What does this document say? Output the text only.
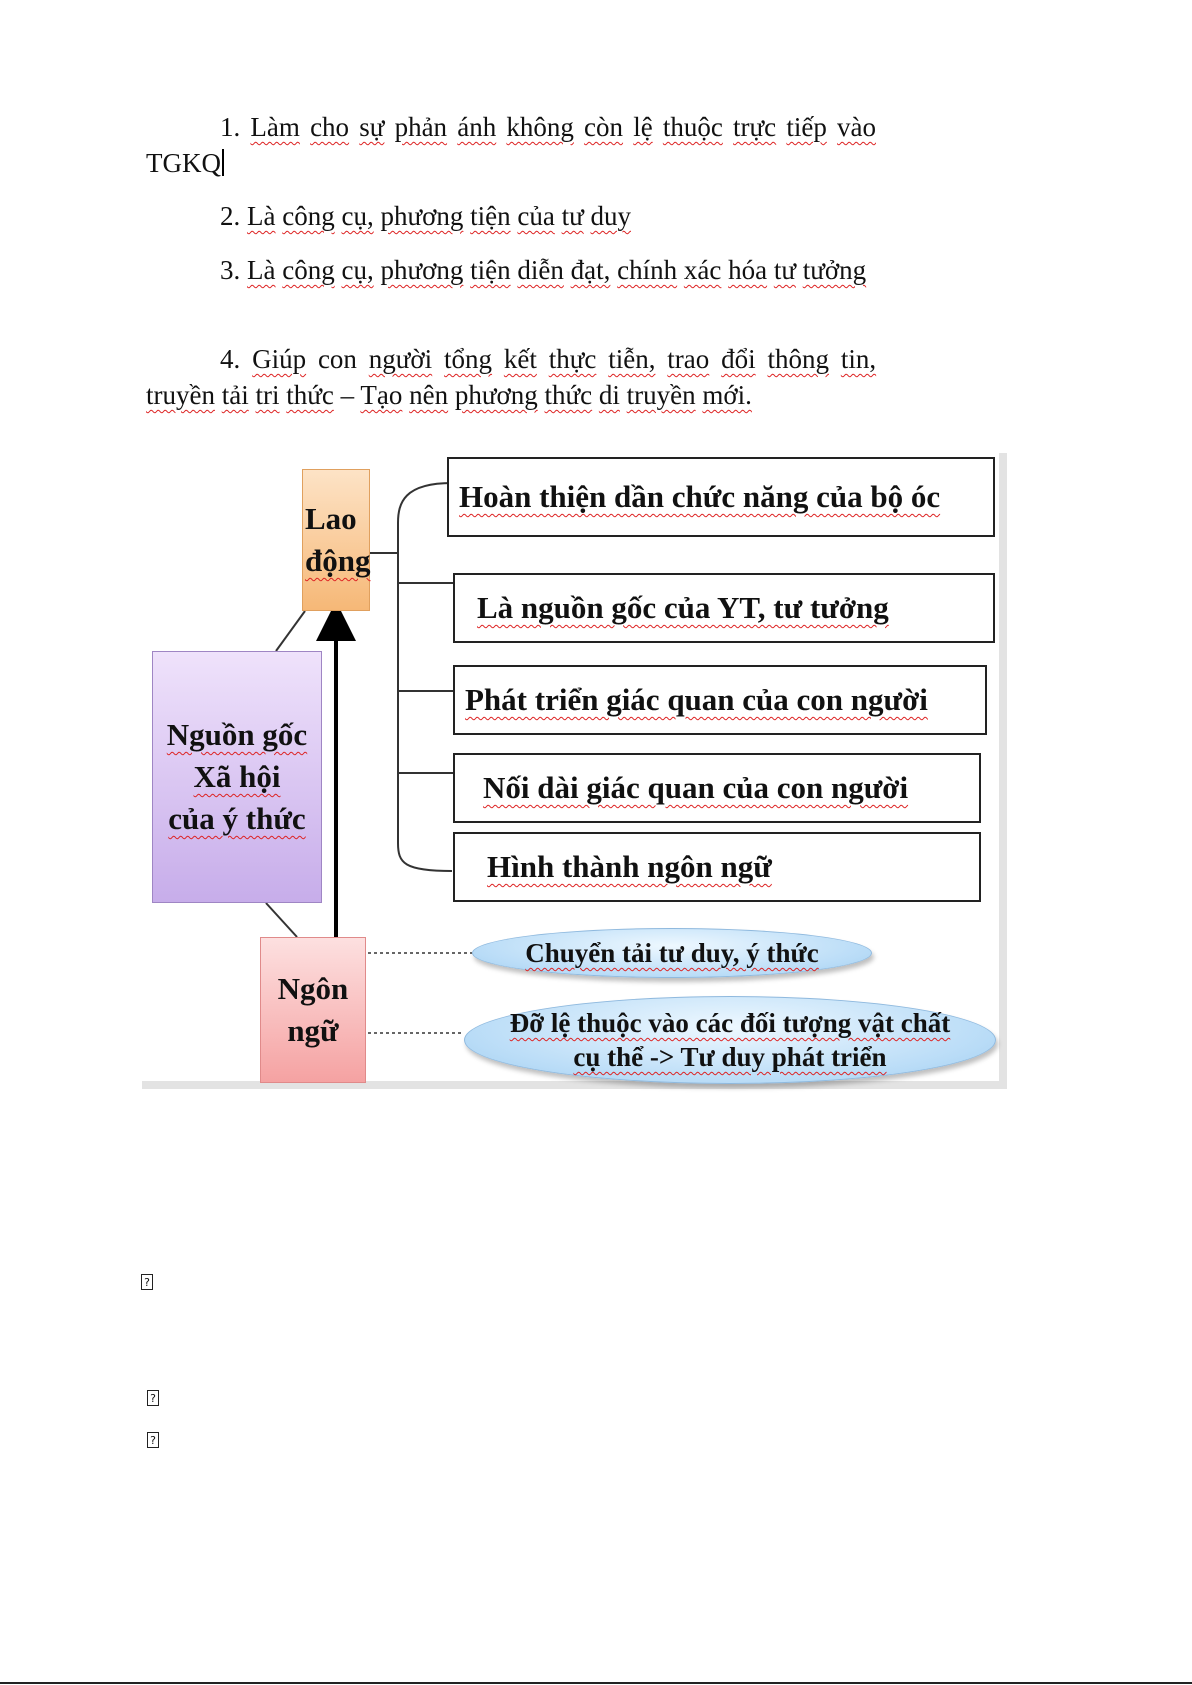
1. Làm cho sự phản ánh không còn lệ thuộc trực tiếp vào TGKQ
2. Là công cụ, phương tiện của tư duy
3. Là công cụ, phương tiện diễn đạt, chính xác hóa tư tưởng
4. Giúp con người tổng kết thực tiễn, trao đổi thông tin, truyền tải tri thức – Tạo nên phương thức di truyền mới.
Lao
động
Nguồn gốc
Xã hội
của ý thức
Ngôn
ngữ
Hoàn thiện dần chức năng của bộ óc
Là nguồn gốc của YT, tư tưởng
Phát triển giác quan của con người
Nối dài giác quan của con người
Hình thành ngôn ngữ
Chuyển tải tư duy, ý thức
Đỡ lệ thuộc vào các đối tượng vật chất
cụ thể -> Tư duy phát triển
?
?
?
